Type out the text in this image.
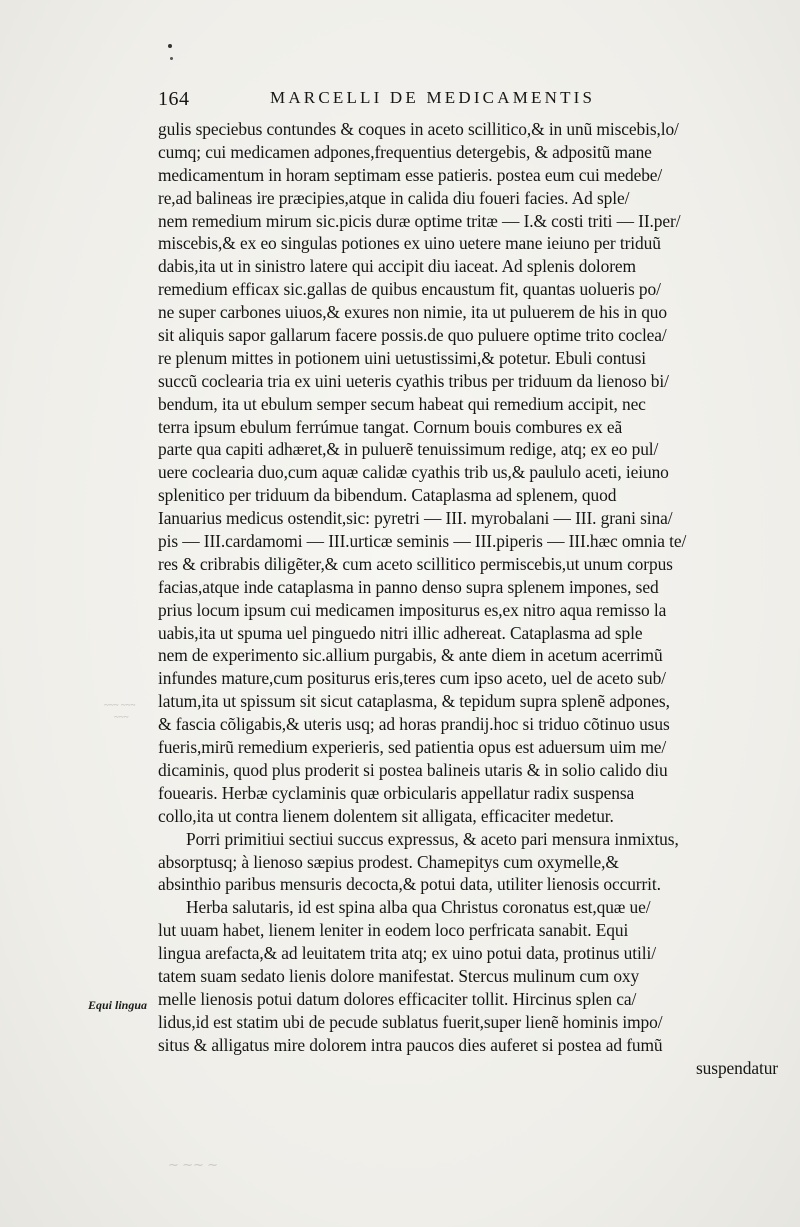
164	MARCELLI DE MEDICAMENTIS
Equi lingua
~~~ ~~~
~~~
∼ ∼∼ ∼
gulis speciebus contundes & coques in aceto scillitico,& in unũ miscebis,lo/
cumq; cui medicamen adpones,frequentius detergebis, & adpositũ mane
medicamentum in horam septimam esse patieris. postea eum cui medebe/
re,ad balineas ire præcipies,atque in calida diu foueri facies. Ad sple/
nem remedium mirum sic.picis duræ optime tritæ — I.& costi triti — II.per/
miscebis,& ex eo singulas potiones ex uino uetere mane ieiuno per triduũ
dabis,ita ut in sinistro latere qui accipit diu iaceat. Ad splenis dolorem
remedium efficax sic.gallas de quibus encaustum fit, quantas uolueris po/
ne super carbones uiuos,& exures non nimie, ita ut puluerem de his in quo
sit aliquis sapor gallarum facere possis.de quo puluere optime trito coclea/
re plenum mittes in potionem uini uetustissimi,& potetur. Ebuli contusi
succũ coclearia tria ex uini ueteris cyathis tribus per triduum da lienoso bi/
bendum, ita ut ebulum semper secum habeat qui remedium accipit, nec
terra ipsum ebulum ferrúmue tangat. Cornum bouis combures ex eã
parte qua capiti adhæret,& in puluerẽ tenuissimum redige, atq; ex eo pul/
uere coclearia duo,cum aquæ calidæ cyathis trib us,& paululo aceti, ieiuno
splenitico per triduum da bibendum. Cataplasma ad splenem, quod
Ianuarius medicus ostendit,sic: pyretri — III. myrobalani — III. grani sina/
pis — III.cardamomi — III.urticæ seminis — III.piperis — III.hæc omnia te/
res & cribrabis diligẽter,& cum aceto scillitico permiscebis,ut unum corpus
facias,atque inde cataplasma in panno denso supra splenem impones, sed
prius locum ipsum cui medicamen impositurus es,ex nitro aqua remisso la
uabis,ita ut spuma uel pinguedo nitri illic adhereat. Cataplasma ad sple
nem de experimento sic.allium purgabis, & ante diem in acetum acerrimũ
infundes mature,cum positurus eris,teres cum ipso aceto, uel de aceto sub/
latum,ita ut spissum sit sicut cataplasma, & tepidum supra splenẽ adpones,
& fascia cõligabis,& uteris usq; ad horas prandij.hoc si triduo cõtinuo usus
fueris,mirũ remedium experieris, sed patientia opus est aduersum uim me/
dicaminis, quod plus proderit si postea balineis utaris & in solio calido diu
fouearis. Herbæ cyclaminis quæ orbicularis appellatur radix suspensa
collo,ita ut contra lienem dolentem sit alligata, efficaciter medetur.
Porri primitiui sectiui succus expressus, & aceto pari mensura inmixtus,
absorptusq; à lienoso sæpius prodest. Chamepitys cum oxymelle,&
absinthio paribus mensuris decocta,& potui data, utiliter lienosis occurrit.
Herba salutaris, id est spina alba qua Christus coronatus est,quæ ue/
lut uuam habet, lienem leniter in eodem loco perfricata sanabit. Equi
lingua arefacta,& ad leuitatem trita atq; ex uino potui data, protinus utili/
tatem suam sedato lienis dolore manifestat. Stercus mulinum cum oxy
melle lienosis potui datum dolores efficaciter tollit. Hircinus splen ca/
lidus,id est statim ubi de pecude sublatus fuerit,super lienẽ hominis impo/
situs & alligatus mire dolorem intra paucos dies auferet si postea ad fumũ
suspendatur
